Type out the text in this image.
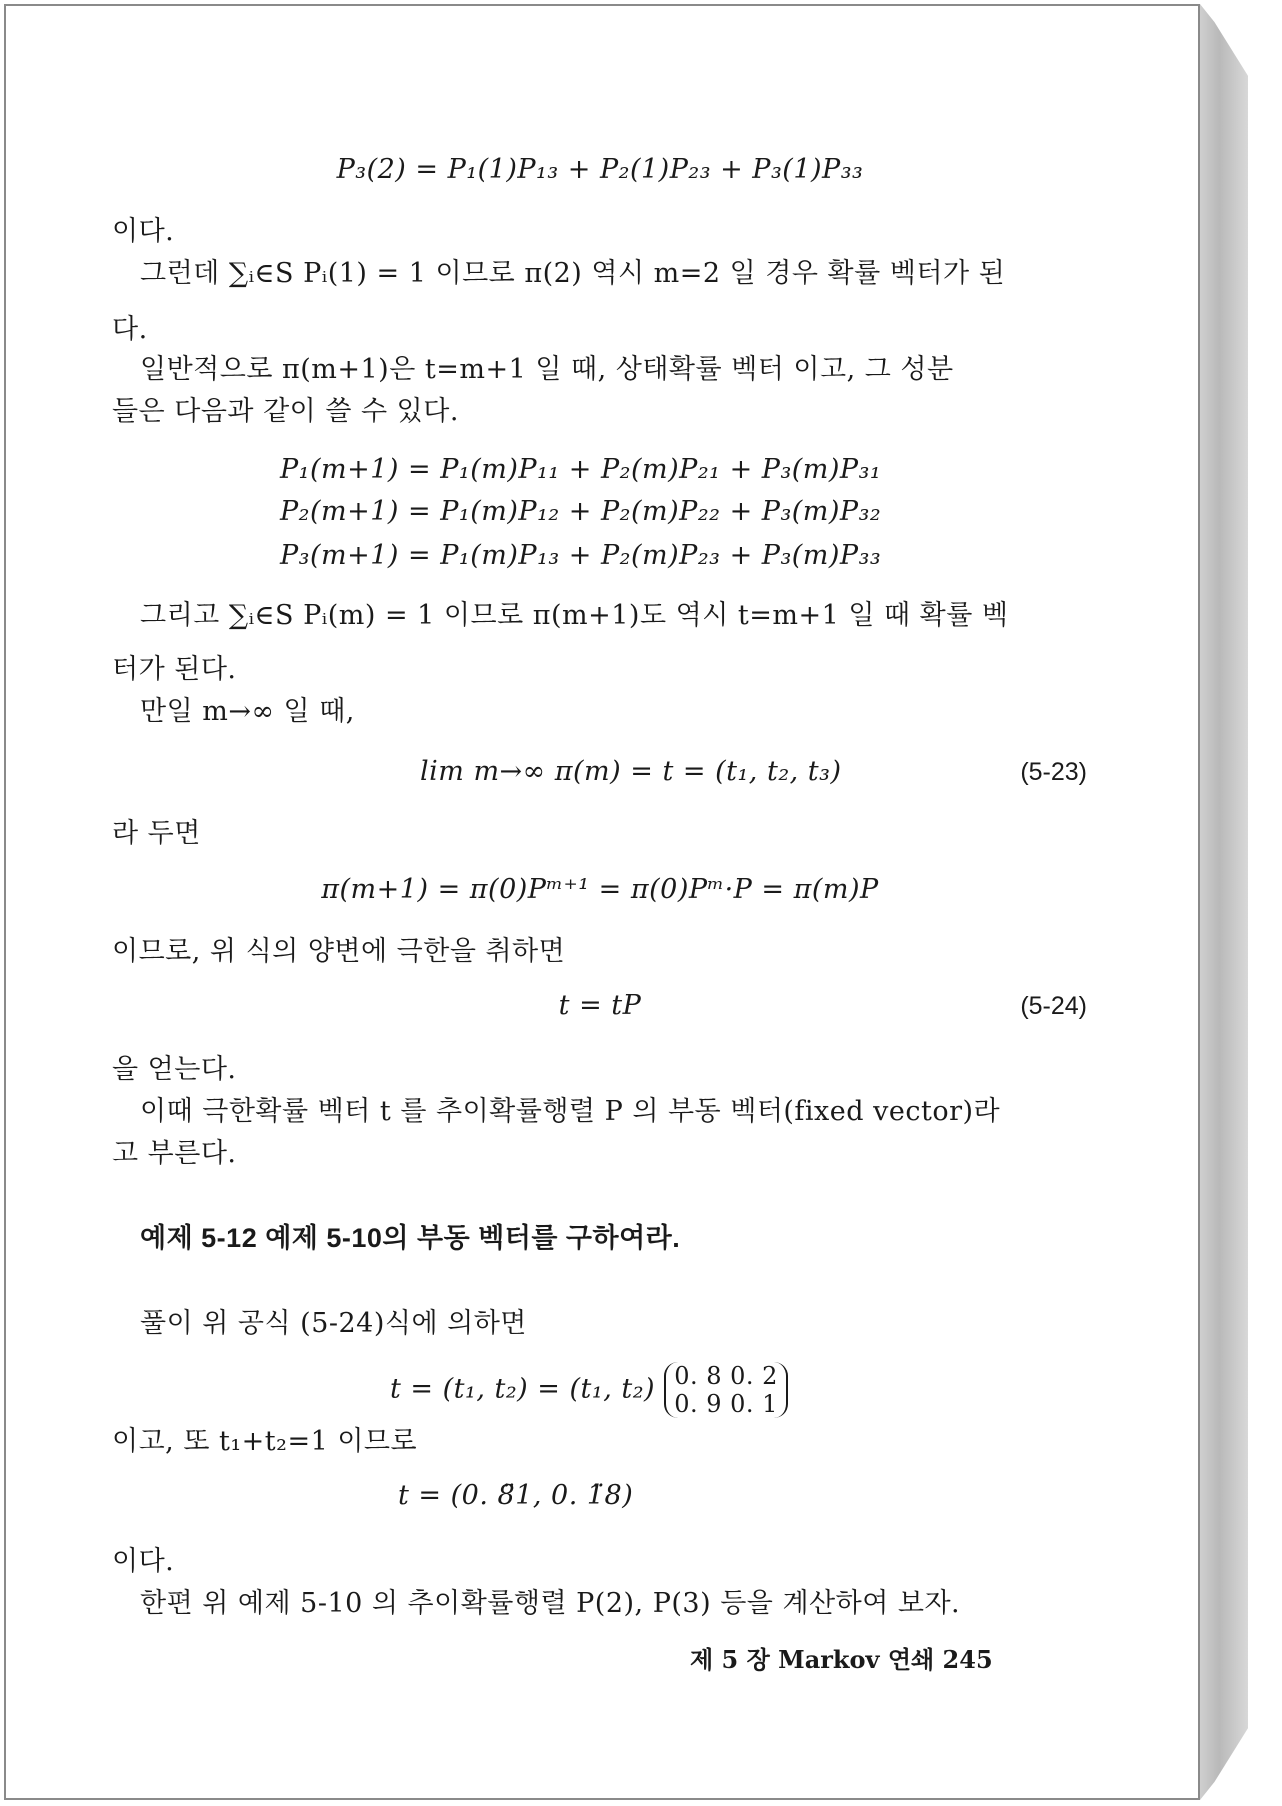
P₃(2) = P₁(1)P₁₃ + P₂(1)P₂₃ + P₃(1)P₃₃
이다.
그런데 ∑ᵢ∈S Pᵢ(1) = 1 이므로 π(2) 역시 m=2 일 경우 확률 벡터가 된
다.
일반적으로 π(m+1)은 t=m+1 일 때, 상태확률 벡터 이고, 그 성분
들은 다음과 같이 쓸 수 있다.
P₁(m+1) = P₁(m)P₁₁ + P₂(m)P₂₁ + P₃(m)P₃₁
P₂(m+1) = P₁(m)P₁₂ + P₂(m)P₂₂ + P₃(m)P₃₂
P₃(m+1) = P₁(m)P₁₃ + P₂(m)P₂₃ + P₃(m)P₃₃
그리고 ∑ᵢ∈S Pᵢ(m) = 1 이므로 π(m+1)도 역시 t=m+1 일 때 확률 벡
터가 된다.
만일 m→∞ 일 때,
lim m→∞ π(m) = t = (t₁, t₂, t₃)	(5-23)
라 두면
π(m+1) = π(0)Pᵐ⁺¹ = π(0)Pᵐ·P = π(m)P
이므로, 위 식의 양변에 극한을 취하면
t = tP	(5-24)
을 얻는다.
이때 극한확률 벡터 t 를 추이확률행렬 P 의 부동 벡터(fixed vector)라
고 부른다.
예제 5-12 예제 5-10의 부동 벡터를 구하여라.
풀이 위 공식 (5-24)식에 의하면
t = (t₁, t₂) = (t₁, t₂) 0. 8 0. 2
0. 9 0. 1
이고, 또 t₁+t₂=1 이므로
t = (0. 8̈1, 0. 1̈8)
이다.
한편 위 예제 5-10 의 추이확률행렬 P(2), P(3) 등을 계산하여 보자.
제 5 장 Markov 연쇄 245
